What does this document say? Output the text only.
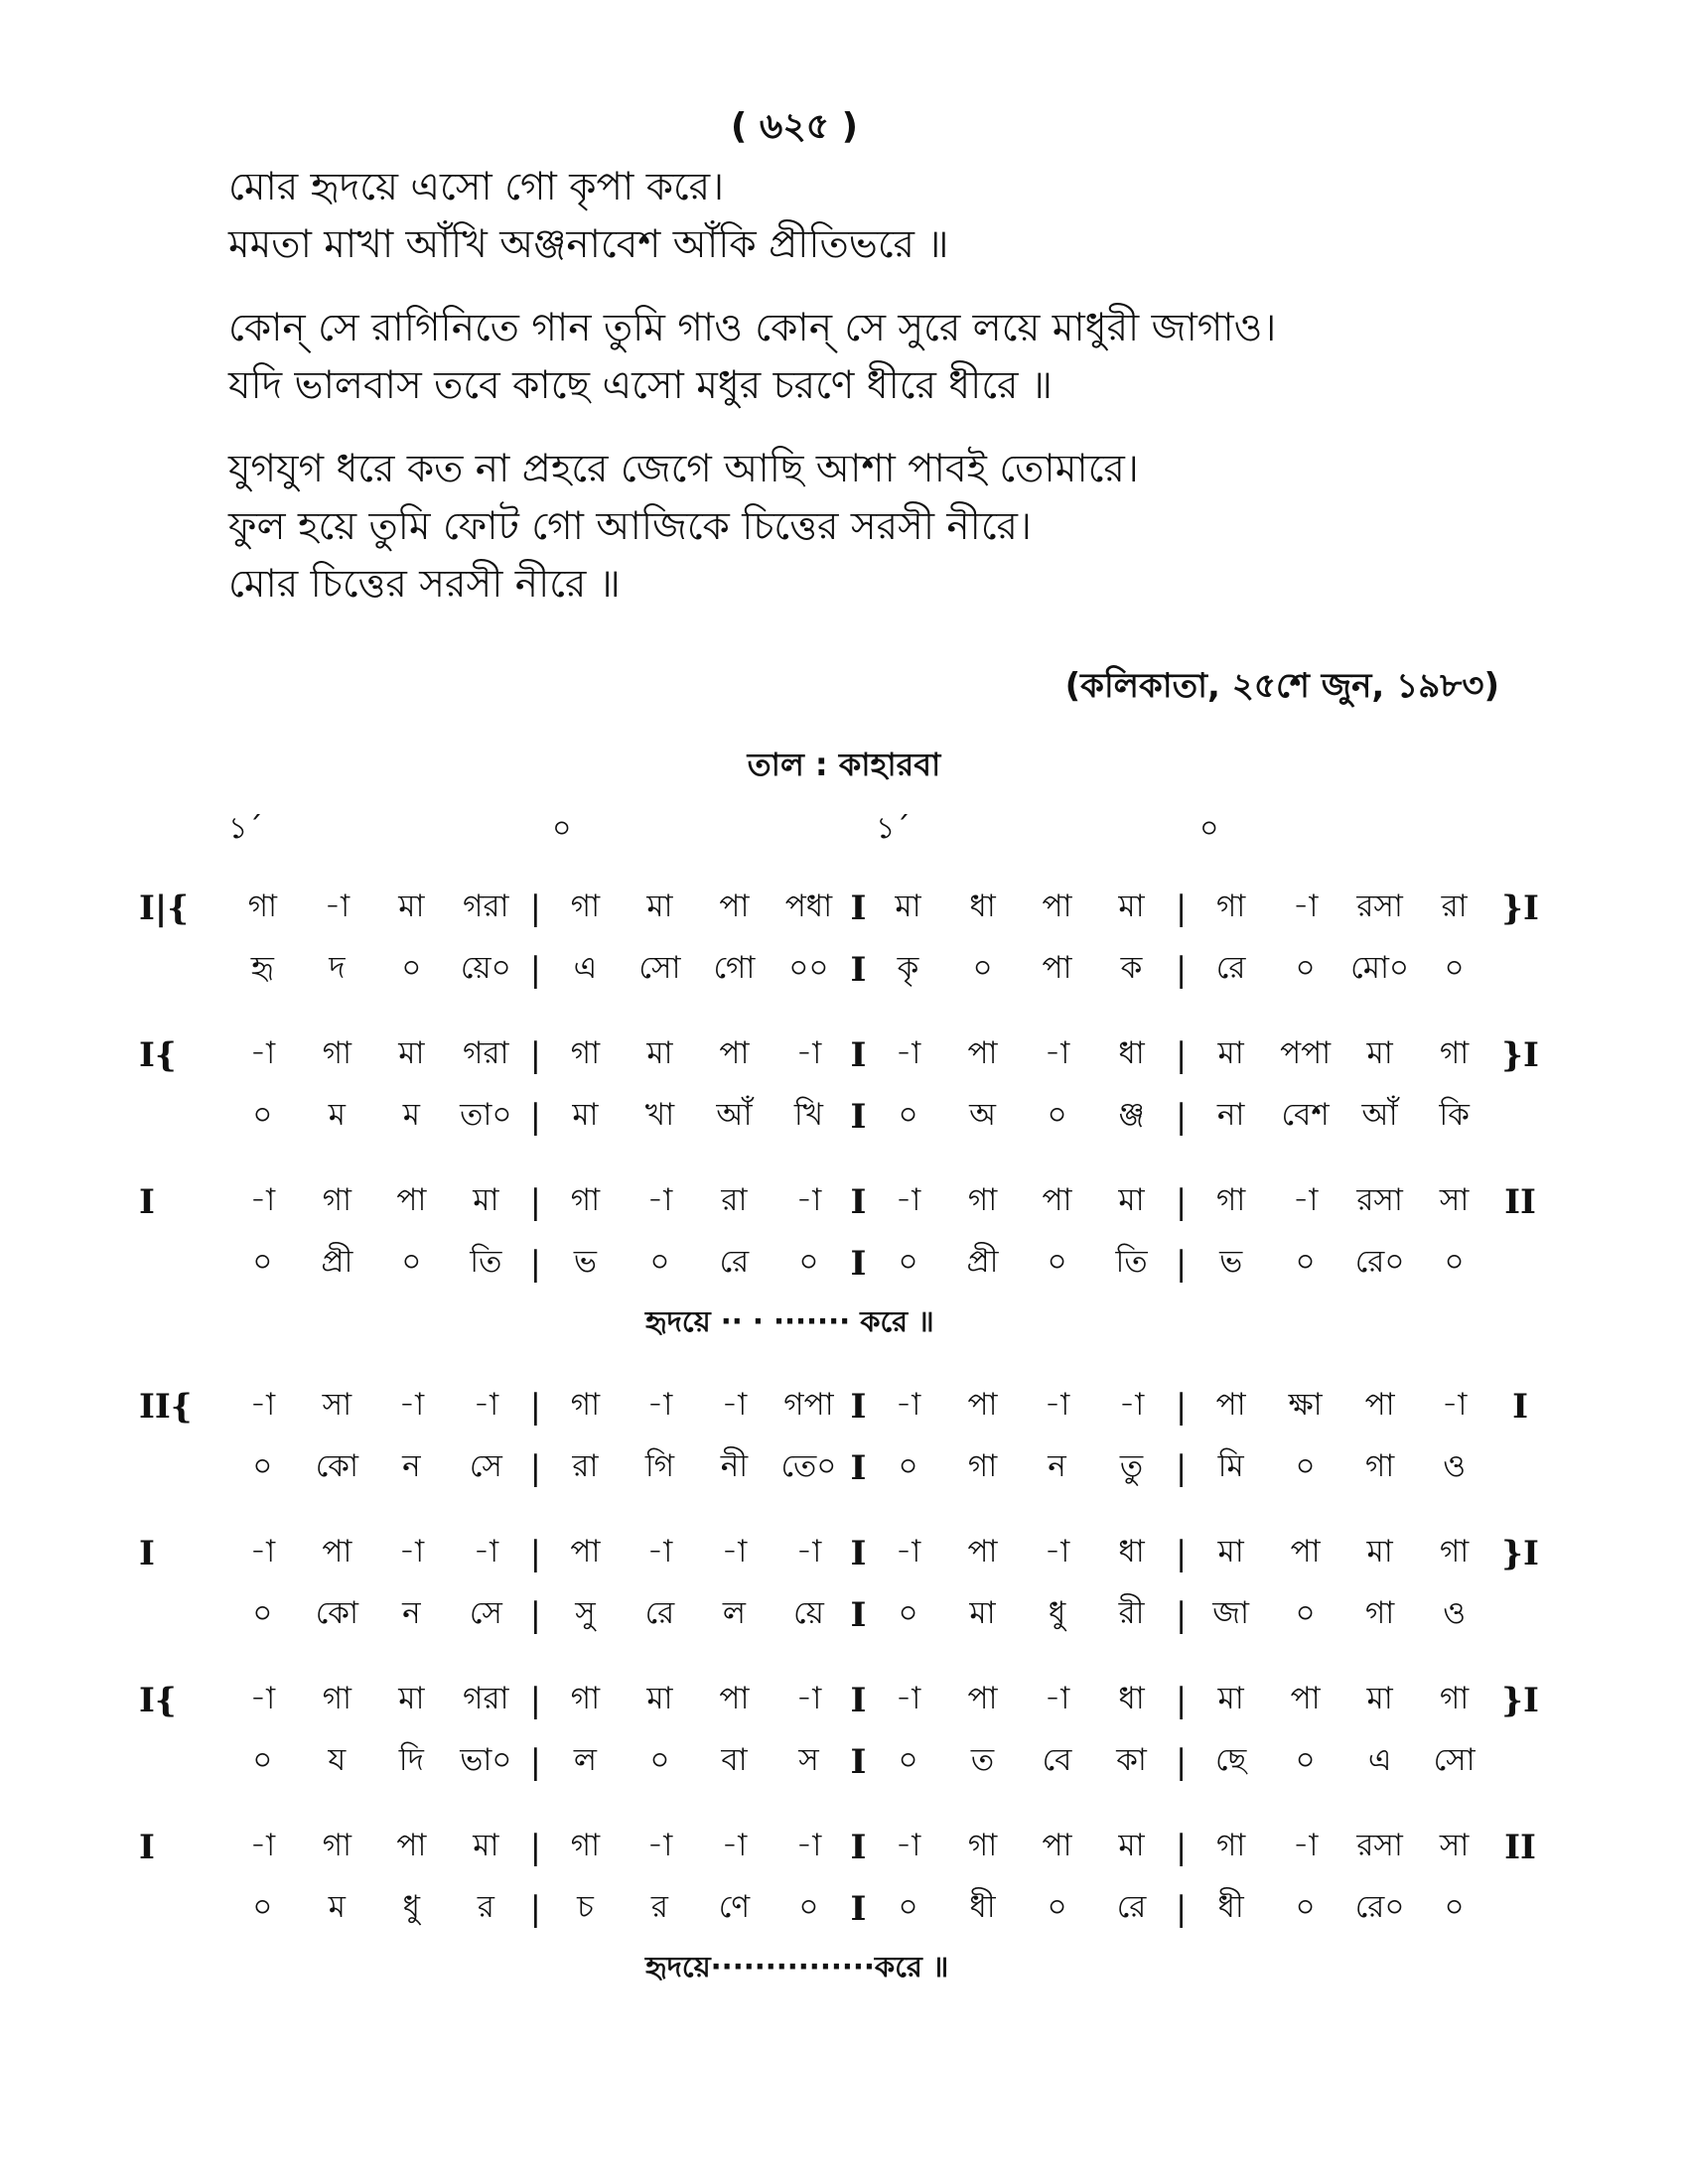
( ৬২৫ )
মোর হৃদয়ে এসো গো কৃপা করে।
মমতা মাখা আঁখি অঞ্জনাবেশ আঁকি প্রীতিভরে ॥
কোন্ সে রাগিনিতে গান তুমি গাও কোন্ সে সুরে লয়ে মাধুরী জাগাও।
যদি ভালবাস তবে কাছে এসো মধুর চরণে ধীরে ধীরে ॥
যুগযুগ ধরে কত না প্রহরে জেগে আছি আশা পাবই তোমারে।
ফুল হয়ে তুমি ফোট গো আজিকে চিত্তের সরসী নীরে।
মোর চিত্তের সরসী নীরে ॥
(কলিকাতা, ২৫শে জুন, ১৯৮৩)
তাল : কাহারবা
১´	০	১´	০
I|{	গা	-া	মা	গরা | গা	মা	পা	পধা I মা	ধা	পা	মা | গা	-া	রসা	রা	}I
হৃ	দ	০	য়ে০ |	এ	সো	গো	০০ I	কৃ	০	পা	ক | রে	০	মো০	০
I{	-া	গা	মা	গরা | গা	মা	পা	-া I -া	পা	-া	ধা |	মা	পপা	মা	গা }I
০	ম	ম	তা০ |	মা	খা	আঁ	খি I	০	অ	০	ঞ্জ | না	বেশ	আঁ	কি
I	-া	গা	পা	মা | গা	-া	রা	-া I -া	গা	পা	মা | গা	-া	রসা	সা	II
০	প্রী	০	তি |	ভ	০	রে	০ I	০	প্রী	০	তি |	ভ	০	রে০	০
হৃদয়ে ·· · ······· করে ॥
II{	-া	সা	-া	-া | গা	-া	-া	গপা I -া	পা	-া	-া | পা	ক্ষা	পা	-া	I
০	কো	ন	সে |	রা	গি	নী	তে০ I	০	গা	ন	তু |	মি	০	গা	ও
I	-া	পা	-া	-া | পা	-া	-া	-া I -া	পা	-া	ধা |	মা	পা	মা	গা }I
০	কো	ন	সে |	সু	রে	ল	য়ে I	০	মা	ধু	রী | জা	০	গা	ও
I{	-া	গা	মা	গরা | গা	মা	পা	-া I -া	পা	-া	ধা |	মা	পা	মা	গা }I
০	য	দি	ভা০ |	ল	০	বা	স I	০	ত	বে	কা | ছে	০	এ	সো
I	-া	গা	পা	মা | গা	-া	-া	-া I -া	গা	পা	মা | গা	-া	রসা	সা	II
০	ম	ধু	র	|	চ	র	ণে	০ I	০	ধী	০	রে |	ধী	০	রে০	০
হৃদয়ে···············করে ॥
